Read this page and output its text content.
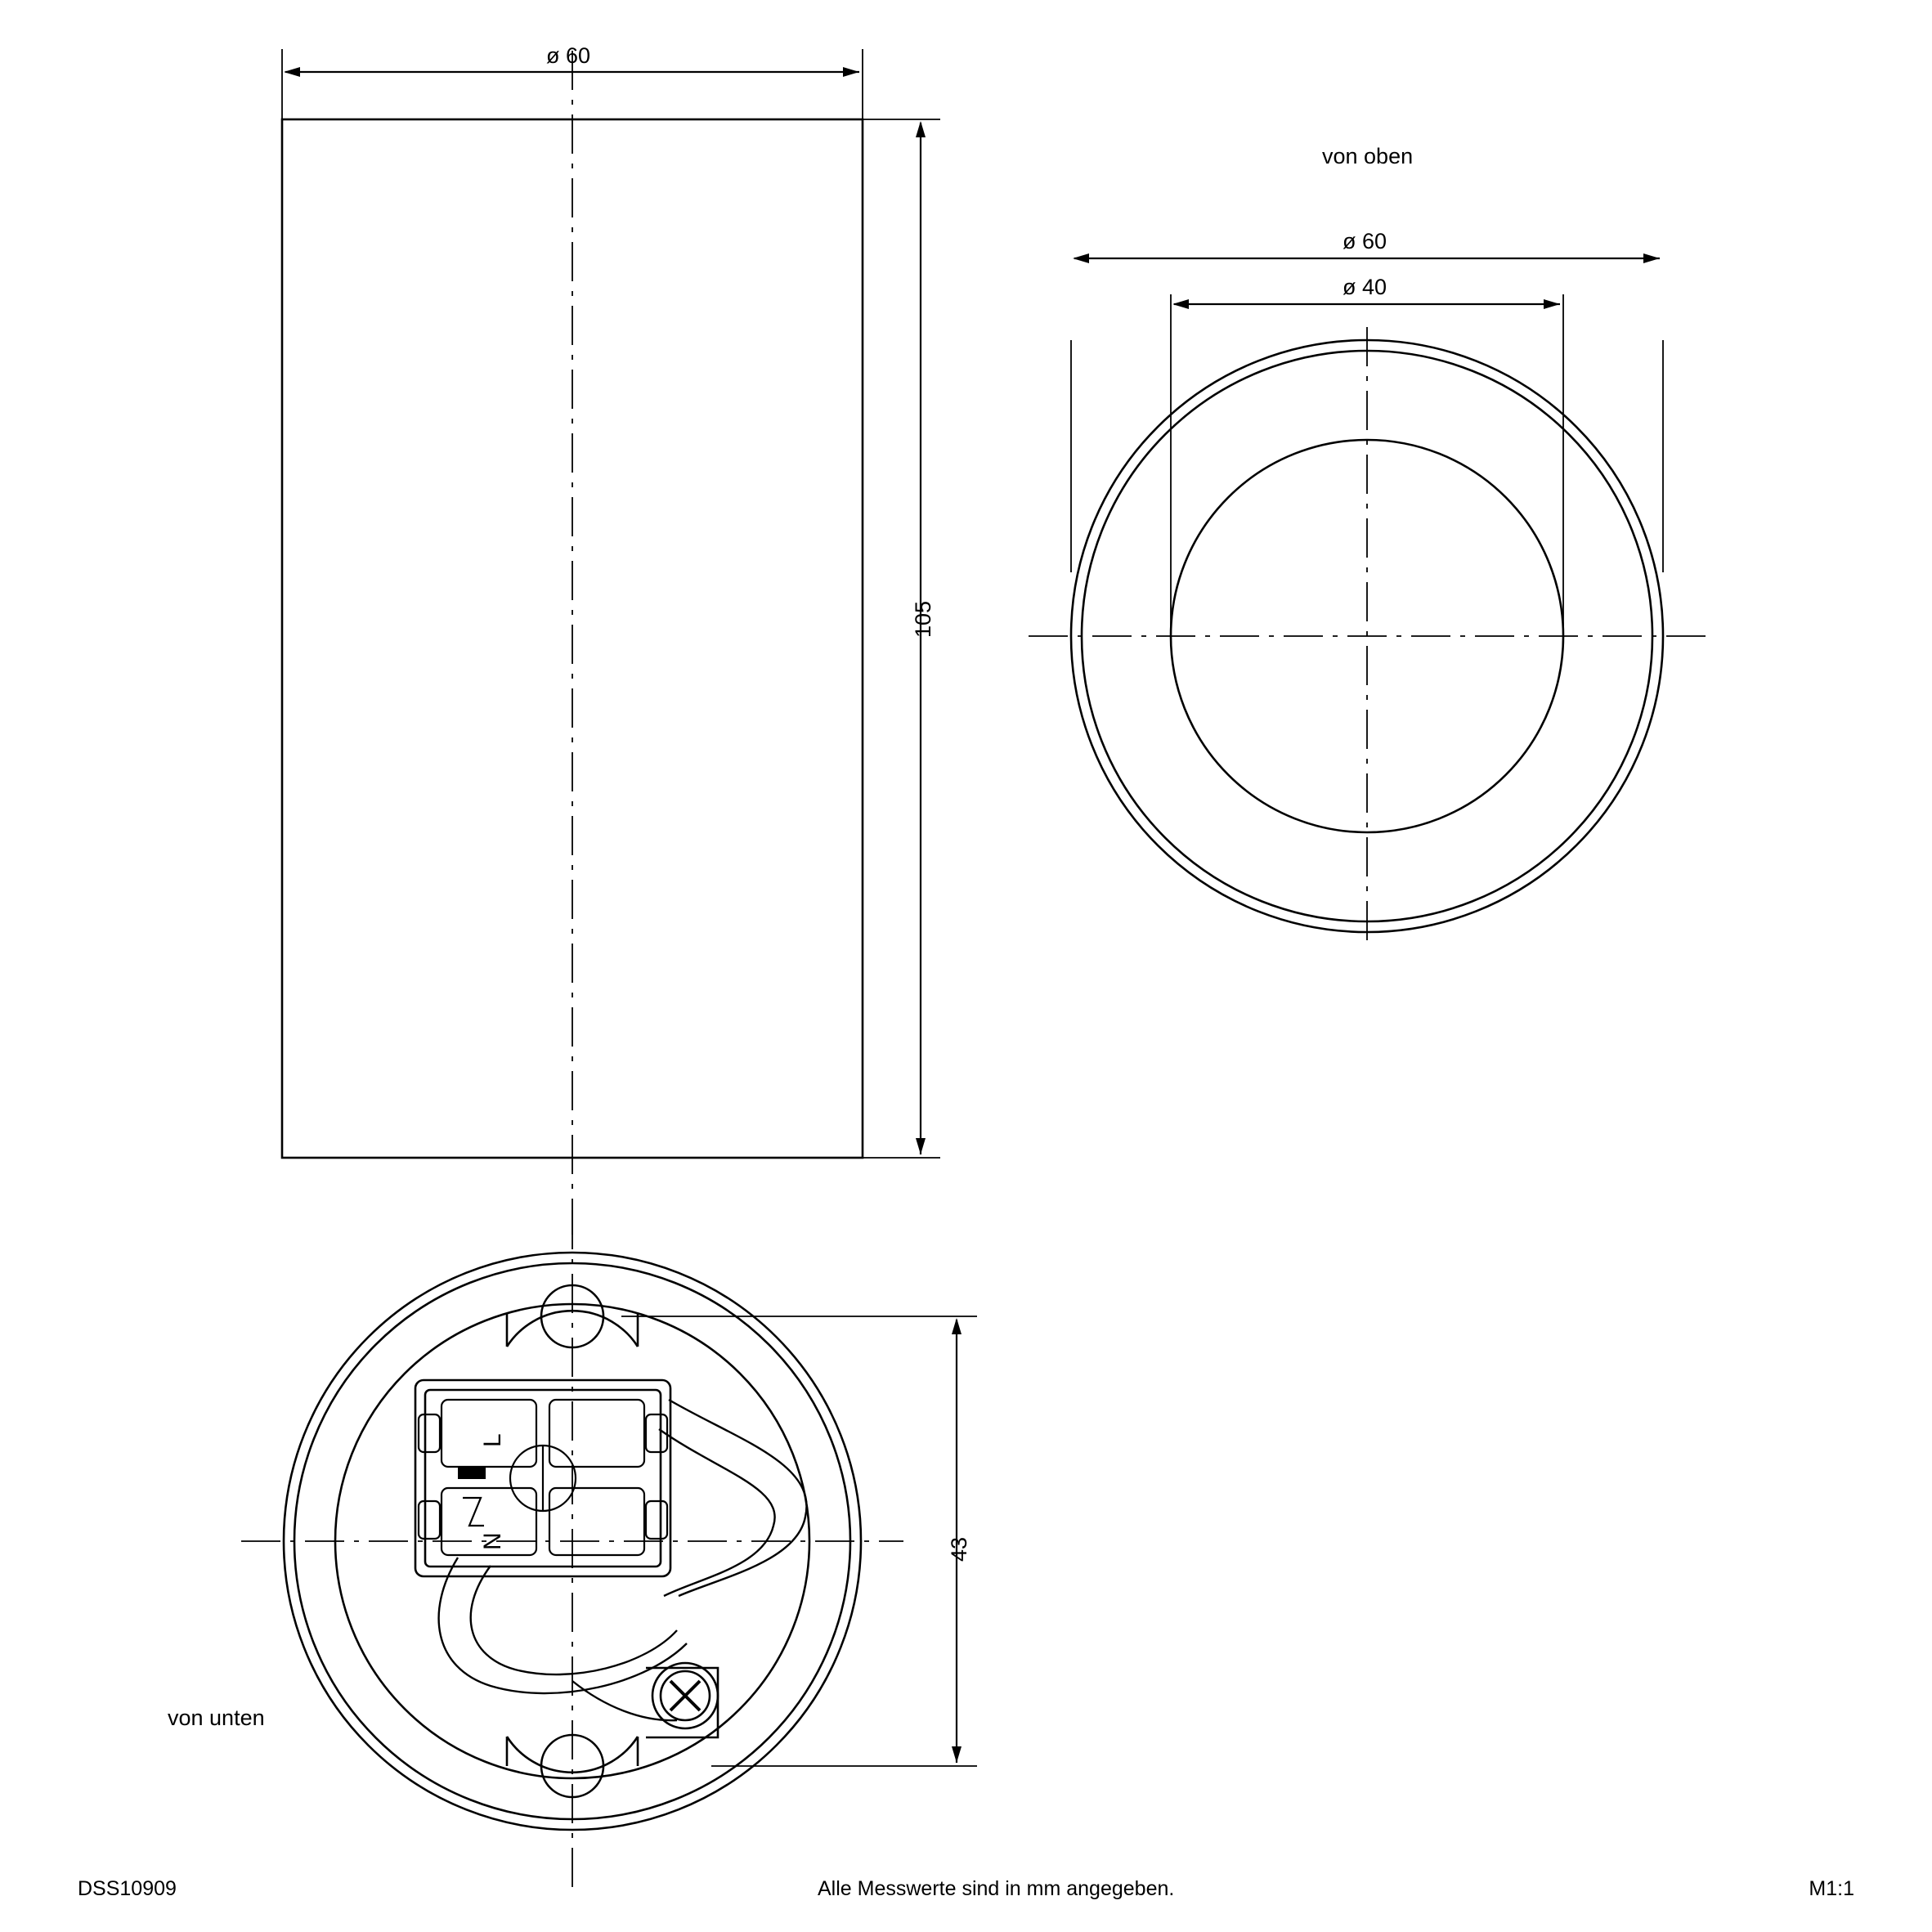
ø 60
105
von oben
ø 60
ø 40
43
von unten
L
N
DSS10909	Alle Messwerte sind in mm angegeben.	M1:1
